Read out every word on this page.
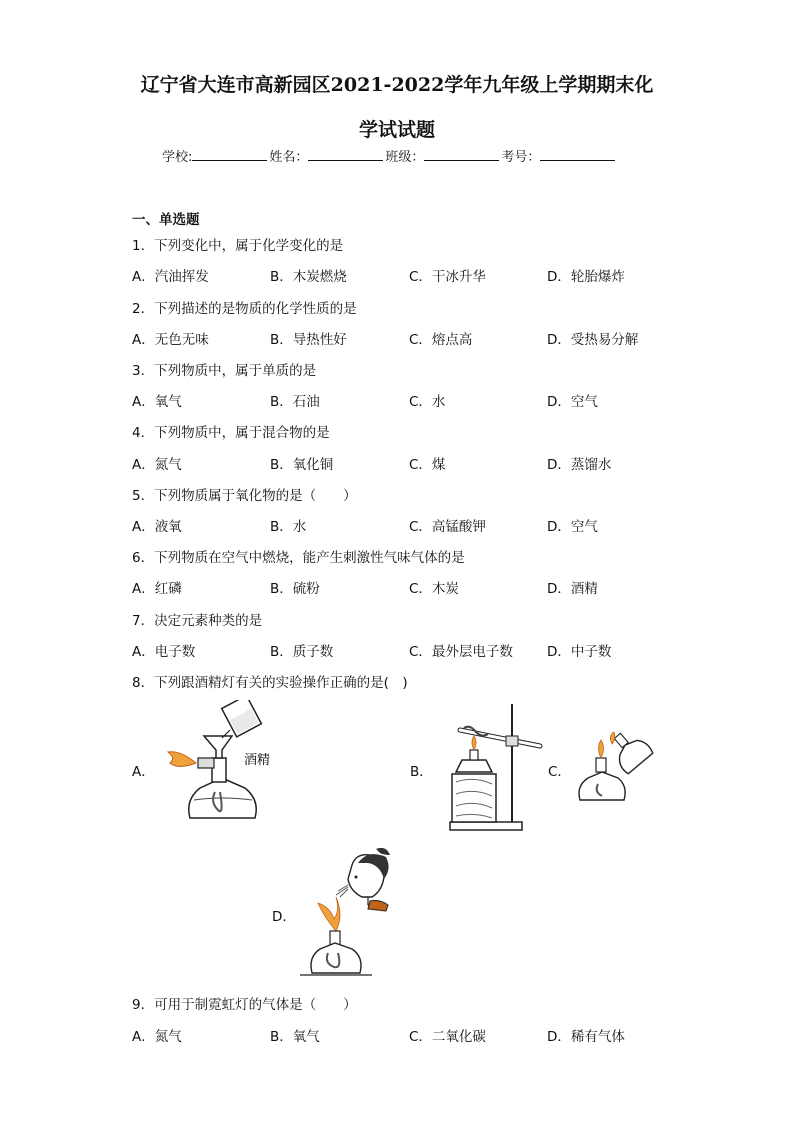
辽宁省大连市高新园区2021-2022学年九年级上学期期末化
学试试题
学校:	姓名：	班级：	考号：
一、单选题
1．下列变化中，属于化学变化的是
A．汽油挥发	B．木炭燃烧	C．干冰升华	D．轮胎爆炸
2．下列描述的是物质的化学性质的是
A．无色无味	B．导热性好	C．熔点高	D．受热易分解
3．下列物质中，属于单质的是
A．氧气	B．石油	C．水	D．空气
4．下列物质中，属于混合物的是
A．氮气	B．氧化铜	C．煤	D．蒸馏水
5．下列物质属于氧化物的是（　　）
A．液氧	B．水	C．高锰酸钾	D．空气
6．下列物质在空气中燃烧，能产生刺激性气味气体的是
A．红磷	B．硫粉	C．木炭	D．酒精
7．决定元素种类的是
A．电子数	B．质子数	C．最外层电子数	D．中子数
8．下列跟酒精灯有关的实验操作正确的是(　)
A．
酒精
B．	C．
D．
9．可用于制霓虹灯的气体是（　　）
A．氮气	B．氧气	C．二氧化碳	D．稀有气体
